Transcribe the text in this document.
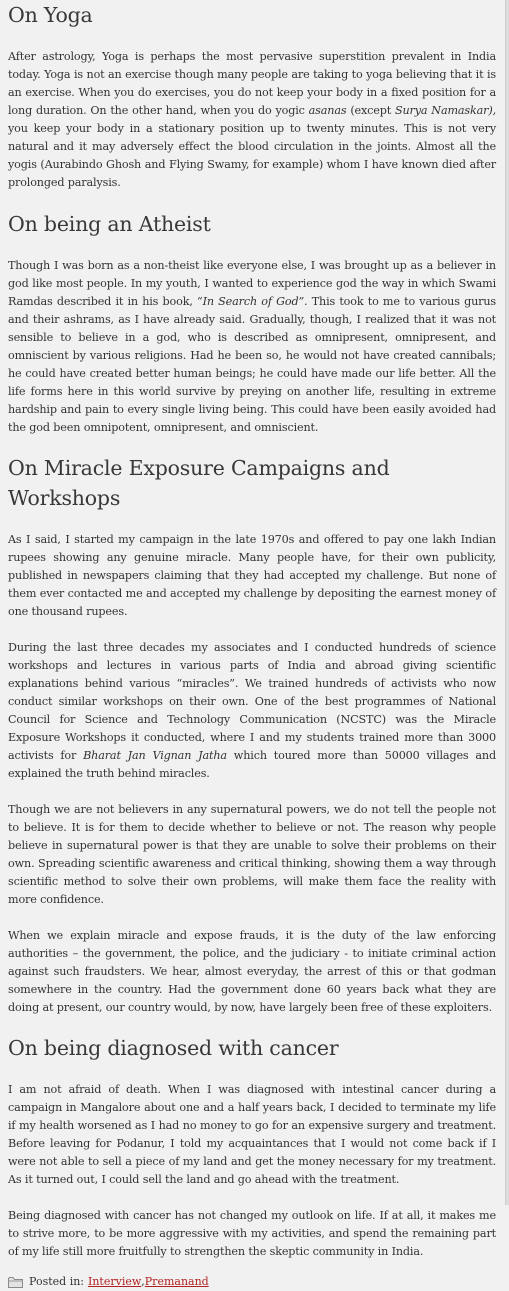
On Yoga

After astrology, Yoga is perhaps the most pervasive superstition prevalent in India today. Yoga is not an exercise though many people are taking to yoga believing that it is an exercise. When you do exercises, you do not keep your body in a fixed position for a long duration. On the other hand, when you do yogic asanas (except Surya Namaskar), you keep your body in a stationary position up to twenty minutes. This is not very natural and it may adversely effect the blood circulation in the joints. Almost all the yogis (Aurabindo Ghosh and Flying Swamy, for example) whom I have known died after prolonged paralysis.

On being an Atheist

Though I was born as a non-theist like everyone else, I was brought up as a believer in god like most people. In my youth, I wanted to experience god the way in which Swami Ramdas described it in his book, “In Search of God”. This took to me to various gurus and their ashrams, as I have already said. Gradually, though, I realized that it was not sensible to believe in a god, who is described as omnipresent, omnipresent, and omniscient by various religions. Had he been so, he would not have created cannibals; he could have created better human beings; he could have made our life better. All the life forms here in this world survive by preying on another life, resulting in extreme hardship and pain to every single living being. This could have been easily avoided had the god been omnipotent, omnipresent, and omniscient.

On Miracle Exposure Campaigns and Workshops

As I said, I started my campaign in the late 1970s and offered to pay one lakh Indian rupees showing any genuine miracle. Many people have, for their own publicity, published in newspapers claiming that they had accepted my challenge. But none of them ever contacted me and accepted my challenge by depositing the earnest money of one thousand rupees.

During the last three decades my associates and I conducted hundreds of science workshops and lectures in various parts of India and abroad giving scientific explanations behind various “miracles”. We trained hundreds of activists who now conduct similar workshops on their own. One of the best programmes of National Council for Science and Technology Communication (NCSTC) was the Miracle Exposure Workshops it conducted, where I and my students trained more than 3000 activists for Bharat Jan Vignan Jatha which toured more than 50000 villages and explained the truth behind miracles.

Though we are not believers in any supernatural powers, we do not tell the people not to believe. It is for them to decide whether to believe or not. The reason why people believe in supernatural power is that they are unable to solve their problems on their own. Spreading scientific awareness and critical thinking, showing them a way through scientific method to solve their own problems, will make them face the reality with more confidence.

When we explain miracle and expose frauds, it is the duty of the law enforcing authorities – the government, the police, and the judiciary - to initiate criminal action against such fraudsters. We hear, almost everyday, the arrest of this or that godman somewhere in the country. Had the government done 60 years back what they are doing at present, our country would, by now, have largely been free of these exploiters.

On being diagnosed with cancer

I am not afraid of death. When I was diagnosed with intestinal cancer during a campaign in Mangalore about one and a half years back, I decided to terminate my life if my health worsened as I had no money to go for an expensive surgery and treatment. Before leaving for Podanur, I told my acquaintances that I would not come back if I were not able to sell a piece of my land and get the money necessary for my treatment. As it turned out, I could sell the land and go ahead with the treatment.

Being diagnosed with cancer has not changed my outlook on life. If at all, it makes me to strive more, to be more aggressive with my activities, and spend the remaining part of my life still more fruitfully to strengthen the skeptic community in India.

Posted in: Interview , Premanand
